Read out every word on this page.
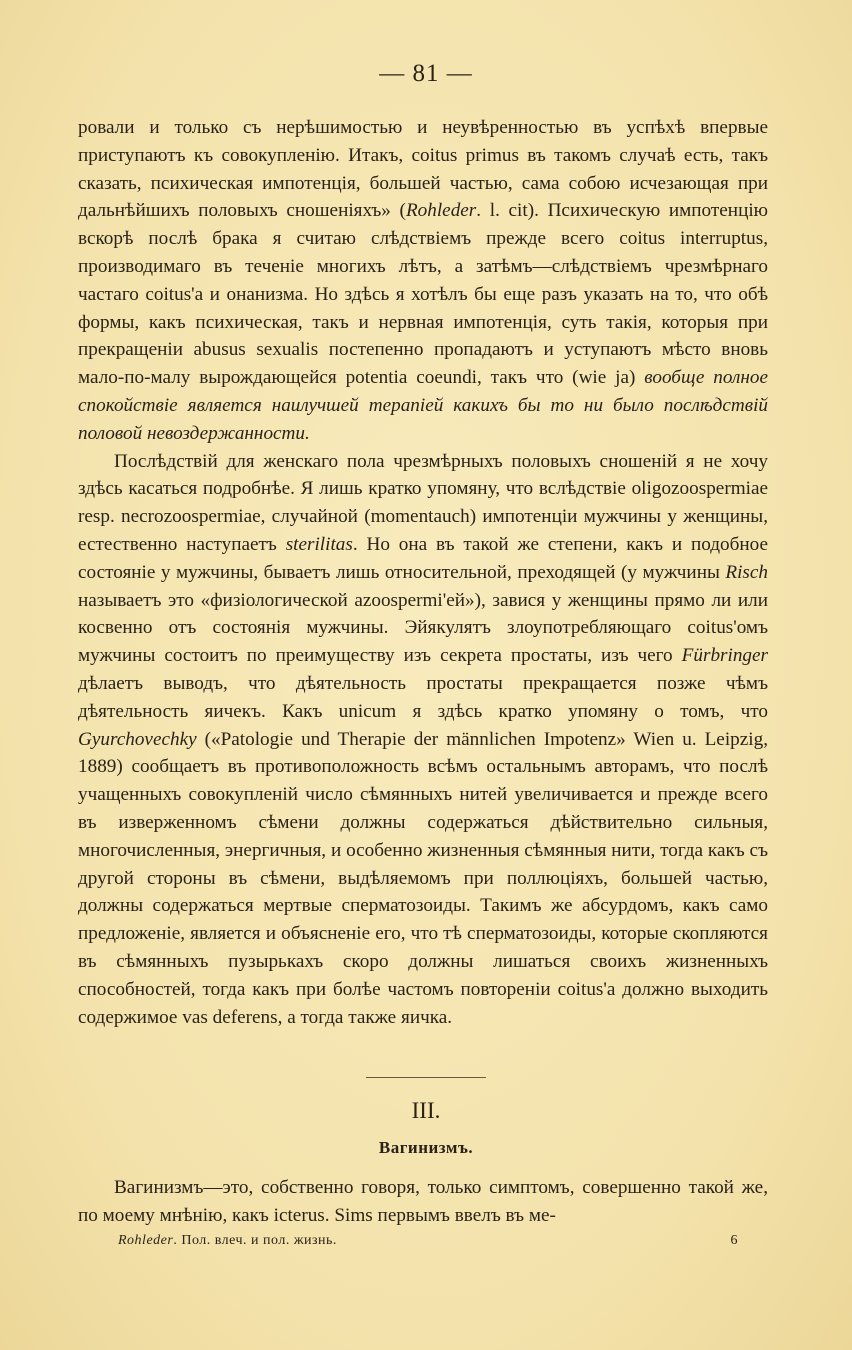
— 81 —

ровали и только съ нерѣшимостью и неувѣренностью въ успѣхѣ впервые приступаютъ къ совокупленію. Итакъ, coitus primus въ такомъ случаѣ есть, такъ сказать, психическая импотенція, большей частью, сама собою исчезающая при дальнѣйшихъ половыхъ сношеніяхъ» (Rohleder. l. cit). Психическую импотенцію вскорѣ послѣ брака я считаю слѣдствіемъ прежде всего coitus interruptus, производимаго въ теченіе многихъ лѣтъ, а затѣмъ—слѣдствіемъ чрезмѣрнаго частаго coitus'а и онанизма. Но здѣсь я хотѣлъ бы еще разъ указать на то, что обѣ формы, какъ психическая, такъ и нервная импотенція, суть такія, которыя при прекращеніи abusus sexualis постепенно пропадаютъ и уступаютъ мѣсто вновь мало-по-малу вырождающейся potentia coeundi, такъ что (wie ja) вообще полное спокойствіе является наилучшей терапіей какихъ бы то ни было послѣдствій половой невоздержанности.

Послѣдствій для женскаго пола чрезмѣрныхъ половыхъ сношеній я не хочу здѣсь касаться подробнѣе. Я лишь кратко упомяну, что вслѣдствіе oligozoospermiae resp. necrozoospermiae, случайной (momentauch) импотенціи мужчины у женщины, естественно наступаетъ sterilitas. Но она въ такой же степени, какъ и подобное состояніе у мужчины, бываетъ лишь относительной, преходящей (у мужчины Risch называетъ это «физіологической azoospermi'ей»), завися у женщины прямо ли или косвенно отъ состоянія мужчины. Эйякулятъ злоупотребляющаго coitus'омъ мужчины состоитъ по преимуществу изъ секрета простаты, изъ чего Fürbringer дѣлаетъ выводъ, что дѣятельность простаты прекращается позже чѣмъ дѣятельность яичекъ. Какъ unicum я здѣсь кратко упомяну о томъ, что Gyurchovechky («Patologie und Therapie der männlichen Impotenz» Wien u. Leipzig, 1889) сообщаетъ въ противоположность всѣмъ остальнымъ авторамъ, что послѣ учащенныхъ совокупленій число сѣмянныхъ нитей увеличивается и прежде всего въ изверженномъ сѣмени должны содержаться дѣйствительно сильныя, многочисленныя, энергичныя, и особенно жизненныя сѣмянныя нити, тогда какъ съ другой стороны въ сѣмени, выдѣляемомъ при поллюціяхъ, большей частью, должны содержаться мертвые сперматозоиды. Такимъ же абсурдомъ, какъ само предложеніе, является и объясненіе его, что тѣ сперматозоиды, которые скопляются въ сѣмянныхъ пузырькахъ скоро должны лишаться своихъ жизненныхъ способностей, тогда какъ при болѣе частомъ повтореніи coitus'а должно выходить содержимое vas deferens, а тогда также яичка.

III.
Вагинизмъ.

Вагинизмъ—это, собственно говоря, только симптомъ, совершенно такой же, по моему мнѣнію, какъ icterus. Sims первымъ ввелъ въ ме-

Rohleder. Пол. влеч. и пол. жизнь.	6
